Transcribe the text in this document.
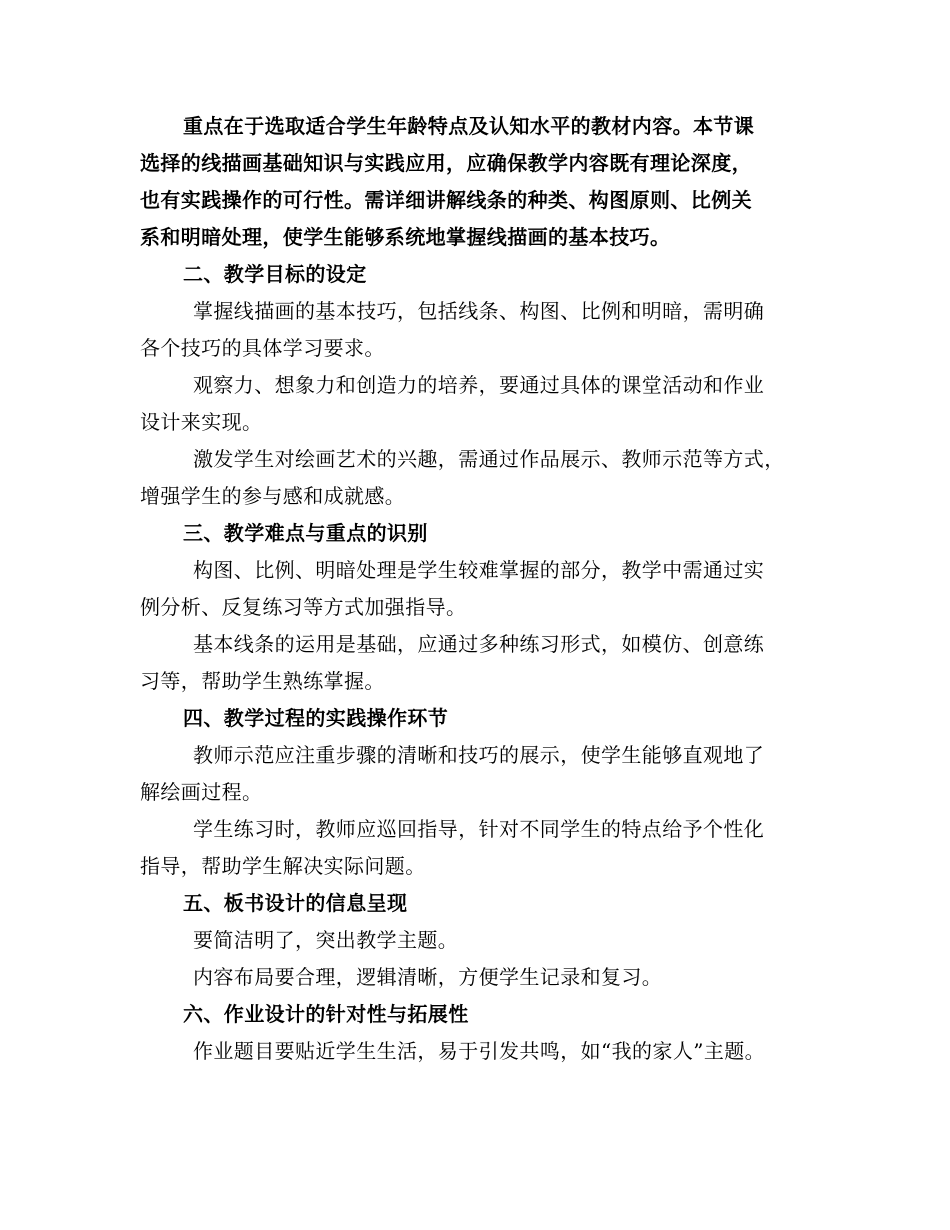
重点在于选取适合学生年龄特点及认知水平的教材内容。本节课
选择的线描画基础知识与实践应用，应确保教学内容既有理论深度，
也有实践操作的可行性。需详细讲解线条的种类、构图原则、比例关
系和明暗处理，使学生能够系统地掌握线描画的基本技巧。
二、教学目标的设定
掌握线描画的基本技巧，包括线条、构图、比例和明暗，需明确
各个技巧的具体学习要求。
观察力、想象力和创造力的培养，要通过具体的课堂活动和作业
设计来实现。
激发学生对绘画艺术的兴趣，需通过作品展示、教师示范等方式，
增强学生的参与感和成就感。
三、教学难点与重点的识别
构图、比例、明暗处理是学生较难掌握的部分，教学中需通过实
例分析、反复练习等方式加强指导。
基本线条的运用是基础，应通过多种练习形式，如模仿、创意练
习等，帮助学生熟练掌握。
四、教学过程的实践操作环节
教师示范应注重步骤的清晰和技巧的展示，使学生能够直观地了
解绘画过程。
学生练习时，教师应巡回指导，针对不同学生的特点给予个性化
指导，帮助学生解决实际问题。
五、板书设计的信息呈现
要简洁明了，突出教学主题。
内容布局要合理，逻辑清晰，方便学生记录和复习。
六、作业设计的针对性与拓展性
作业题目要贴近学生生活，易于引发共鸣，如“我的家人”主题。
